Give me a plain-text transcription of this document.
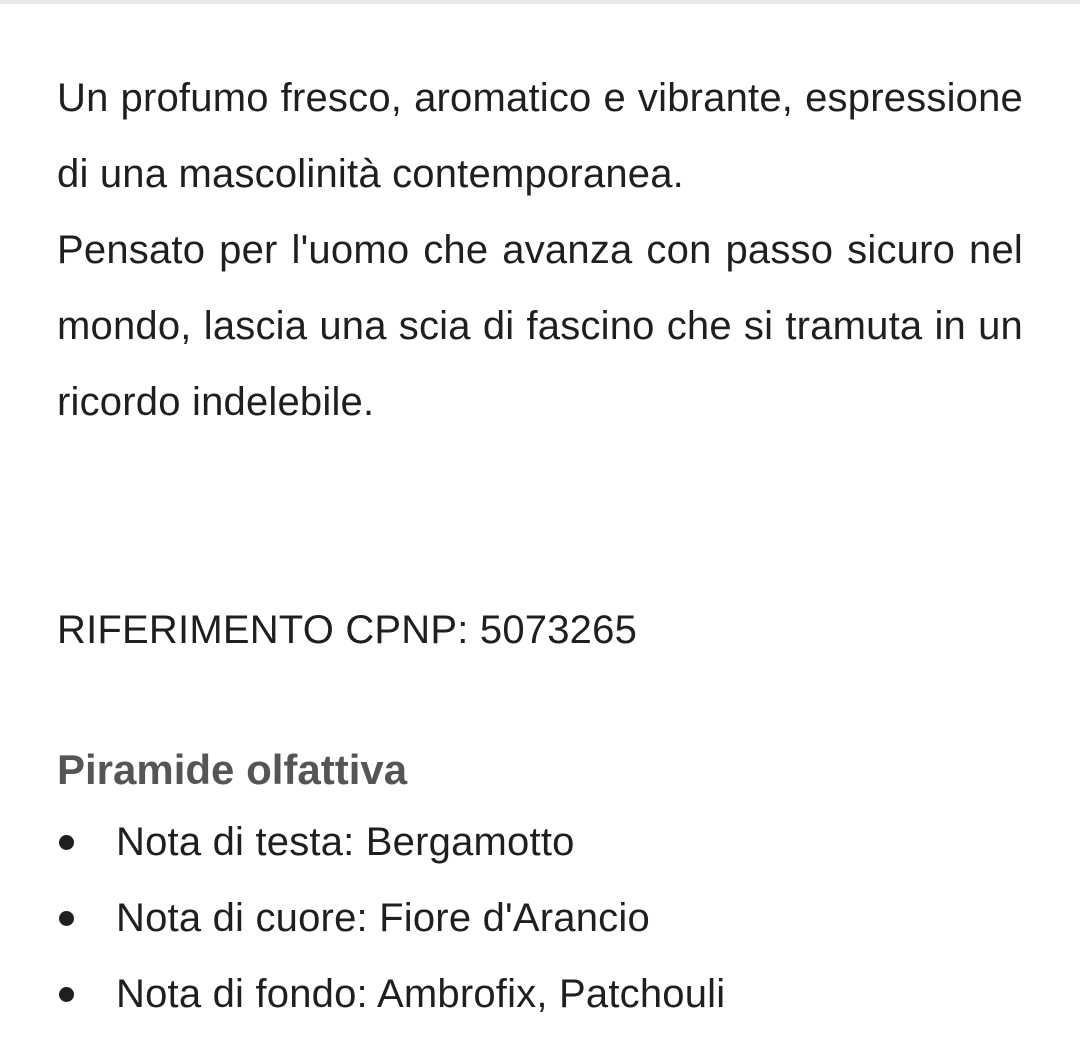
Un profumo fresco, aromatico e vibrante, espressione di una mascolinità contemporanea.

Pensato per l'uomo che avanza con passo sicuro nel mondo, lascia una scia di fascino che si tramuta in un ricordo indelebile.

RIFERIMENTO CPNP: 5073265

Piramide olfattiva
Nota di testa: Bergamotto
Nota di cuore: Fiore d'Arancio
Nota di fondo: Ambrofix, Patchouli
